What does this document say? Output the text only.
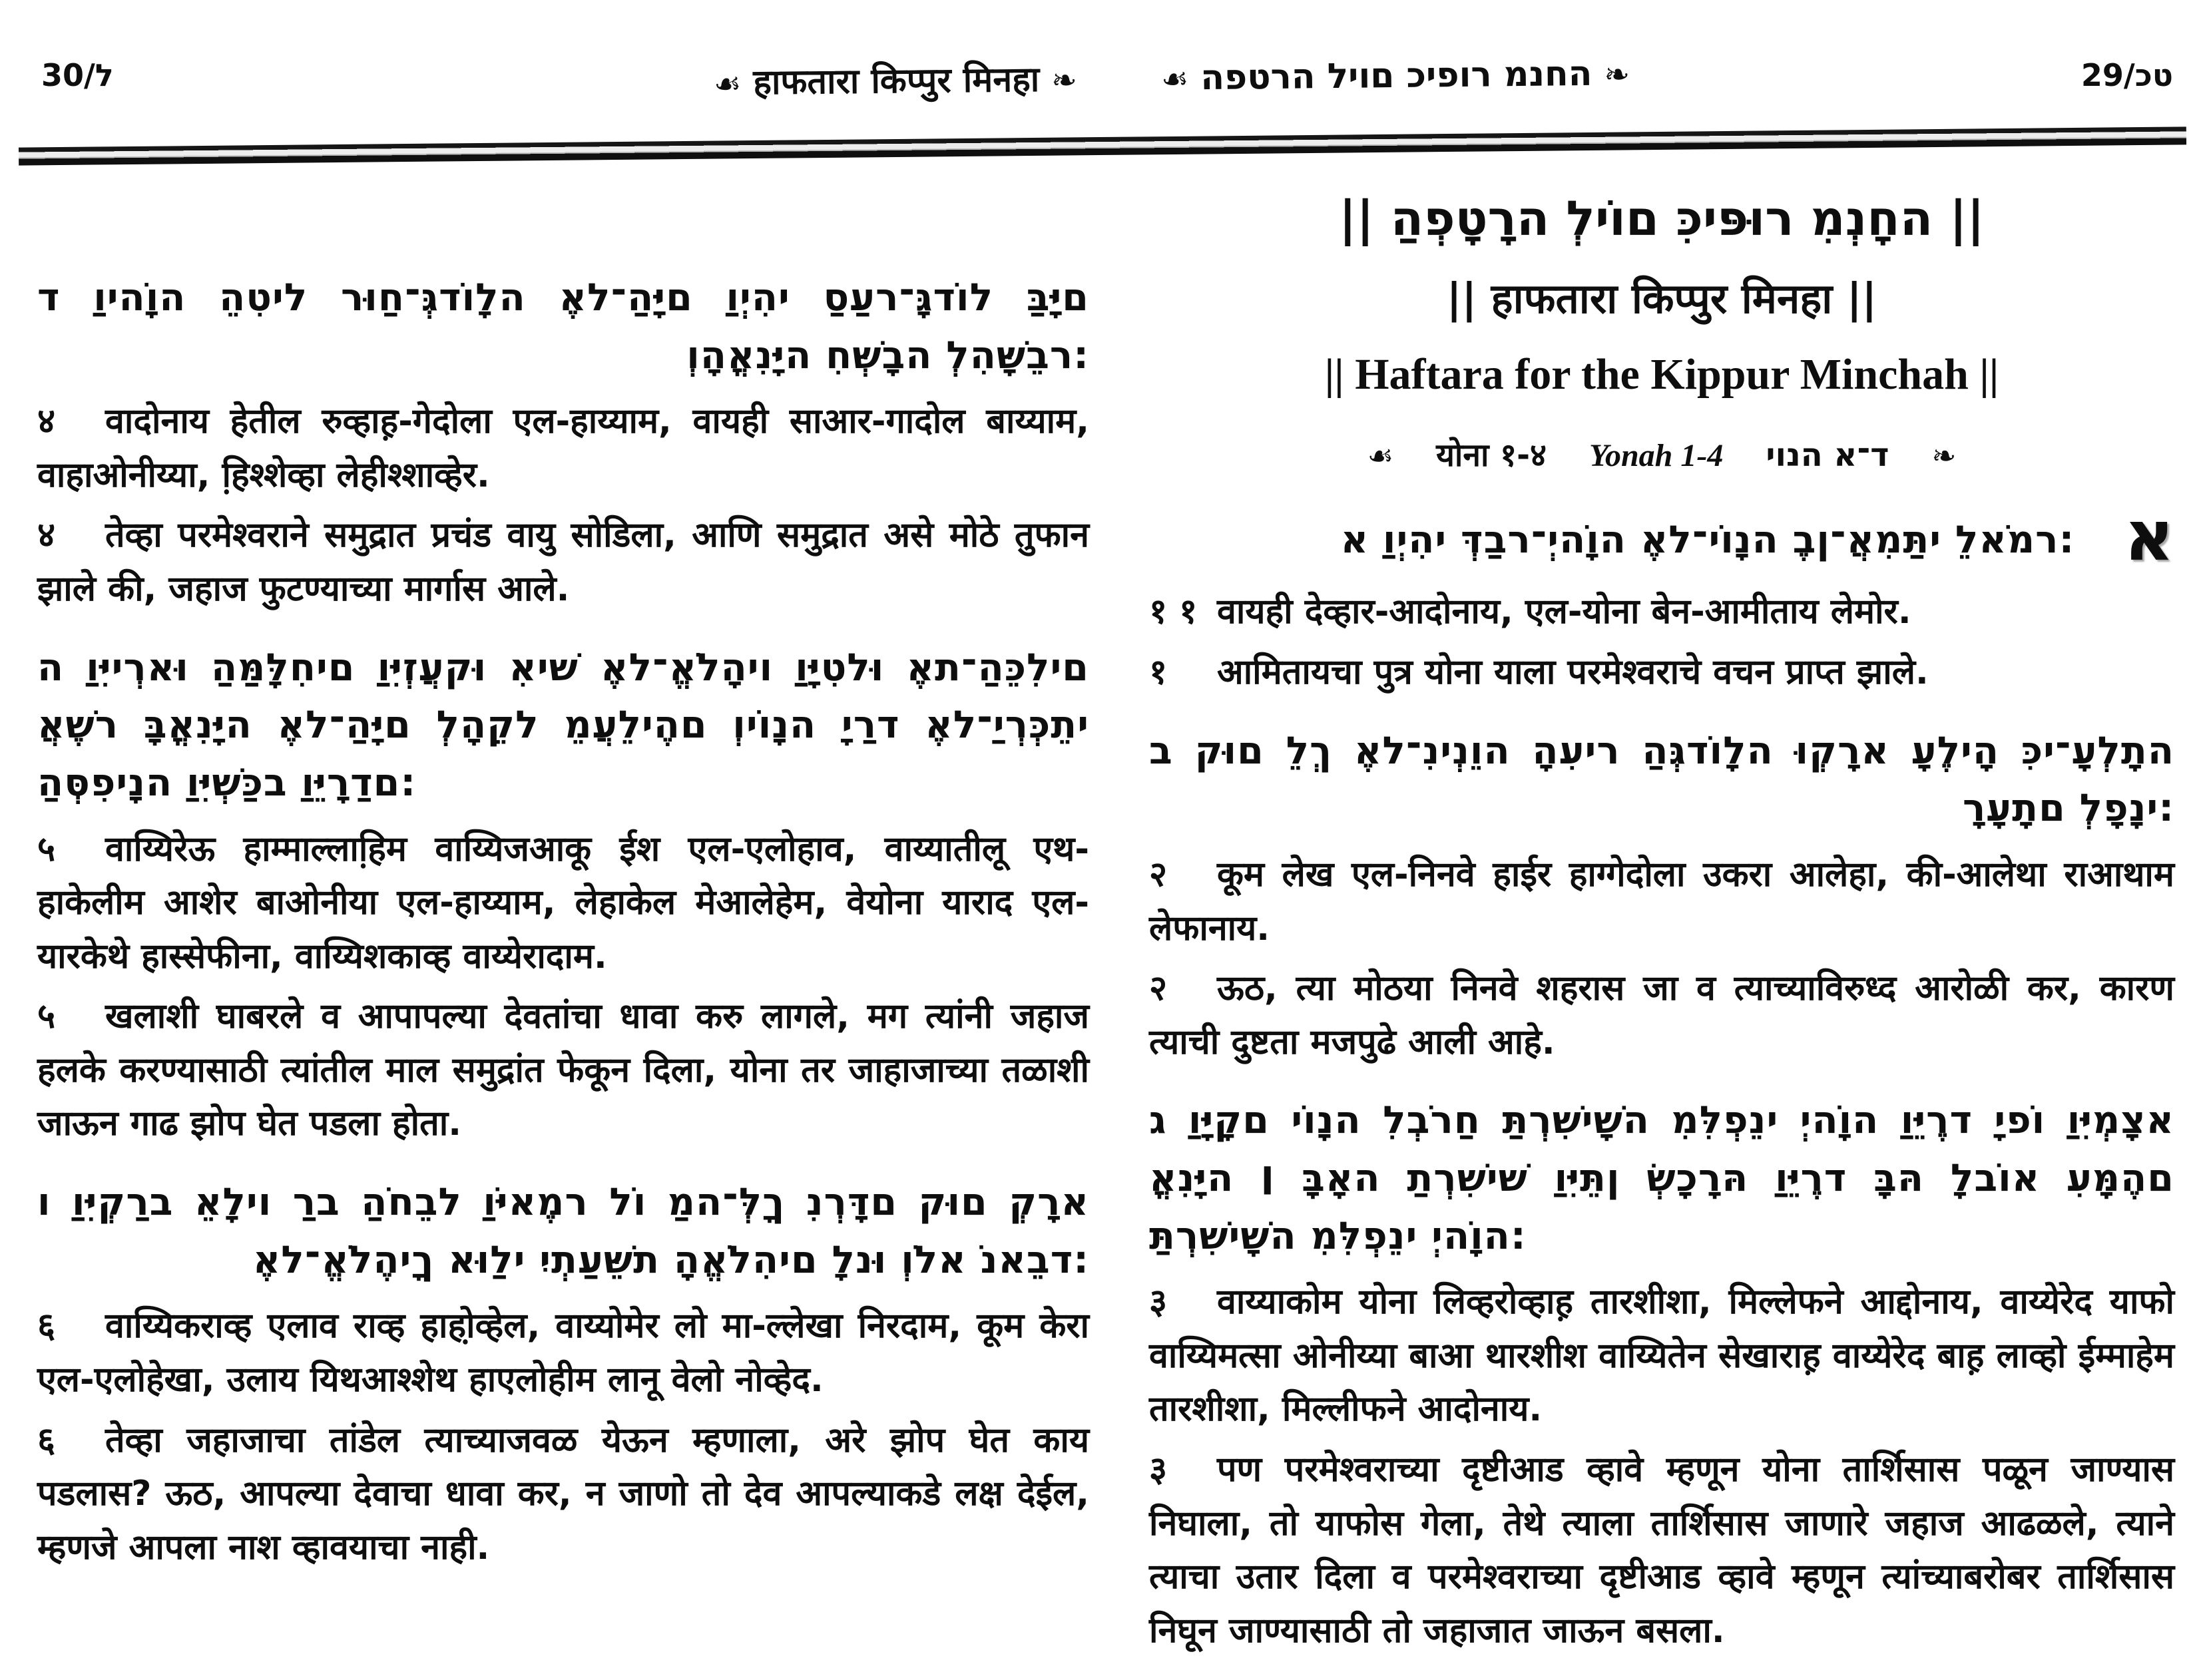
30/ל	☙ हाफतारा किप्पुर मिनहा ❧
ד וַיהוָֹה הֵטִיל רוּחַ־גְּדוֹלָה אֶל־הַיָּם וַיְהִי סַעַר־גָּדוֹל בַּיָּם
וְהָאֳנִיָּה חִשְּׁבָה לְהִשָּׁבֵר:

४ वादोनाय हेतील रुव्हाह़-गेदोला एल-हाय्याम, वायही साआर-गादोल बाय्याम, वाहाओनीय्या, हि़श्शेव्हा लेहीश्शाव्हेर.

४ तेव्हा परमेश्वराने समुद्रात प्रचंड वायु सोडिला, आणि समुद्रात असे मोठे तुफान झाले की, जहाज फुटण्याच्या मार्गास आले.

ה וַיִּירְאוּ הַמַּלָּחִים וַיִּזְעֲקוּ אִישׁ אֶל־אֱלֹהָיו וַיָּטִלוּ אֶת־הַכֵּלִים
אֲשֶׁר בָּאֳנִיָּה אֶל־הַיָּם לְהָקֵל מֵעֲלֵיהֶם וְיוֹנָה יָרַד אֶל־יַרְכְּתֵי
הַסְּפִינָה וַיִּשְׁכַּב וַיֵּרָדַם:

५ वाय्यिरेऊ हाम्माल्लाहि़म वाय्यिजआकू ईश एल-एलोहाव, वाय्यातीलू एथ-हाकेलीम आशेर बाओनीया एल-हाय्याम, लेहाकेल मेआलेहेम, वेयोना याराद एल-यारकेथे हास्सेफीना, वाय्यिशकाव्ह वाय्येरादाम.

५ खलाशी घाबरले व आपापल्या देवतांचा धावा करु लागले, मग त्यांनी जहाज हलके करण्यासाठी त्यांतील माल समुद्रांत फेकून दिला, योना तर जाहाजाच्या तळाशी जाऊन गाढ झोप घेत पडला होता.

ו וַיִּקְרַב אֵלָיו רַב הַחֹבֵל וַיֹּאמֶר לוֹ מַה־לְּךָ נִרְדָּם קוּם קְרָא
אֶל־אֱלֹהֶיךָ אוּלַי יִתְעַשֵּׁת הָאֱלֹהִים לָנוּ וְלֹא נֹאבֵד:

६ वाय्यिकराव्ह एलाव राव्ह हाहो़व्हेल, वाय्योमेर लो मा-ल्लेखा निरदाम, कूम केरा एल-एलोहेखा, उलाय यिथआश्शेथ हाएलोहीम लानू वेलो नोव्हेद.

६ तेव्हा जहाजाचा तांडेल त्याच्याजवळ येऊन म्हणाला, अरे झोप घेत काय पडलास? ऊठ, आपल्या देवाचा धावा कर, न जाणो तो देव आपल्याकडे लक्ष देईल, म्हणजे आपला नाश व्हावयाचा नाही.

☙ הפטרה ליום כיפור מנחה ❧	29/כט
|| הַפְטָרָה לְיוֹם כִּיפּוּר מִנְחָה ||
|| हाफतारा किप्पुर मिनहा ||
|| Haftara for the Kippur Minchah ||
☙ योना १-४ Yonah 1-4 יונה א־ד ❧
א וַיְהִי דְּבַר־יְהוָֹה אֶל־יוֹנָה בֶן־אֲמִתַּי לֵאמֹר: א

१ १ वायही देव्हार-आदोनाय, एल-योना बेन-आमीताय लेमोर.

१ आमितायचा पुत्र योना याला परमेश्वराचे वचन प्राप्त झाले.

ב קוּם לֵךְ אֶל־נִינְוֵה הָעִיר הַגְּדוֹלָה וּקְרָא עָלֶיהָ כִּי־עָלְתָה
רָעָתָם לְפָנָי:

२ कूम लेख एल-निनवे हाईर हाग्गेदोला उकरा आलेहा, की-आलेथा राआथाम लेफानाय.

२ ऊठ, त्या मोठया निनवे शहरास जा व त्याच्याविरुध्द आरोळी कर, कारण त्याची दुष्टता मजपुढे आली आहे.

ג וַיָּקָם יוֹנָה לִבְרֹחַ תַּרְשִׁישָׁה מִלִּפְנֵי יְהוָֹה וַיֵּרֶד יָפוֹ וַיִּמְצָא
אֳנִיָּה ׀ בָּאָה תַרְשִׁישׁ וַיִּתֵּן שְׂכָרָהּ וַיֵּרֶד בָּהּ לָבוֹא עִמָּהֶם
תַּרְשִׁישָׁה מִלִּפְנֵי יְהוָֹה:

३ वाय्याकोम योना लिव्हरोव्हाह़ तारशीशा, मिल्लेफने आद्दोनाय, वाय्येरेद याफो वाय्यिमत्सा ओनीय्या बाआ थारशीश वाय्यितेन सेखाराह़ वाय्येरेद बाह़ लाव्हो ईम्माहेम तारशीशा, मिल्लीफने आदोनाय.

३ पण परमेश्वराच्या दृष्टीआड व्हावे म्हणून योना तार्शिसास पळून जाण्यास निघाला, तो याफोस गेला, तेथे त्याला तार्शिसास जाणारे जहाज आढळले, त्याने त्याचा उतार दिला व परमेश्वराच्या दृष्टीआड व्हावे म्हणून त्यांच्याबरोबर तार्शिसास निघून जाण्यासाठी तो जहाजात जाऊन बसला.
